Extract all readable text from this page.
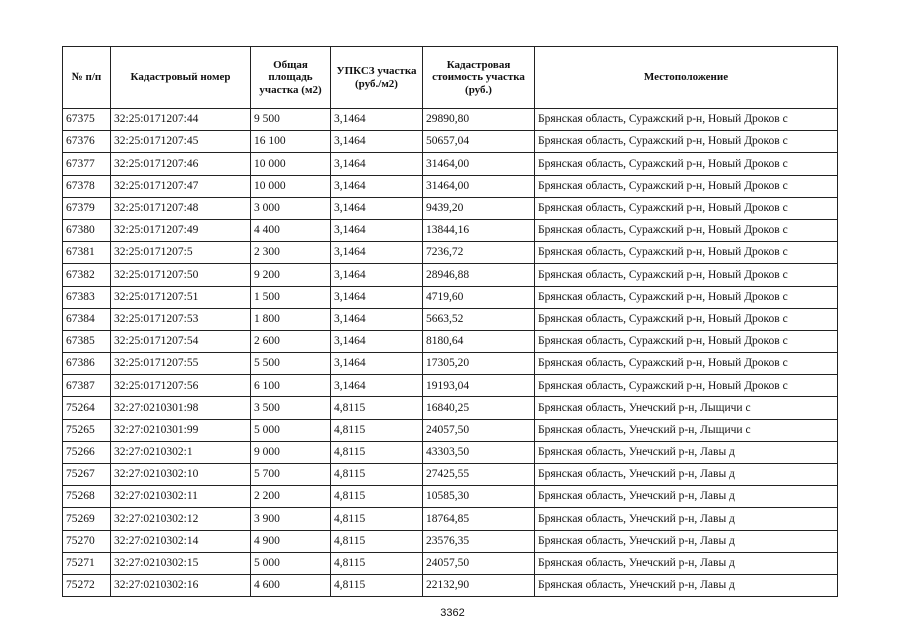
№ п/п	Кадастровый номер	Общая площадь участка (м2)	УПКСЗ участка (руб./м2)	Кадастровая стоимость участка (руб.)	Местоположение
67375	32:25:0171207:44	9 500	3,1464	29890,80	Брянская область, Суражский р-н, Новый Дроков с
67376	32:25:0171207:45	16 100	3,1464	50657,04	Брянская область, Суражский р-н, Новый Дроков с
67377	32:25:0171207:46	10 000	3,1464	31464,00	Брянская область, Суражский р-н, Новый Дроков с
67378	32:25:0171207:47	10 000	3,1464	31464,00	Брянская область, Суражский р-н, Новый Дроков с
67379	32:25:0171207:48	3 000	3,1464	9439,20	Брянская область, Суражский р-н, Новый Дроков с
67380	32:25:0171207:49	4 400	3,1464	13844,16	Брянская область, Суражский р-н, Новый Дроков с
67381	32:25:0171207:5	2 300	3,1464	7236,72	Брянская область, Суражский р-н, Новый Дроков с
67382	32:25:0171207:50	9 200	3,1464	28946,88	Брянская область, Суражский р-н, Новый Дроков с
67383	32:25:0171207:51	1 500	3,1464	4719,60	Брянская область, Суражский р-н, Новый Дроков с
67384	32:25:0171207:53	1 800	3,1464	5663,52	Брянская область, Суражский р-н, Новый Дроков с
67385	32:25:0171207:54	2 600	3,1464	8180,64	Брянская область, Суражский р-н, Новый Дроков с
67386	32:25:0171207:55	5 500	3,1464	17305,20	Брянская область, Суражский р-н, Новый Дроков с
67387	32:25:0171207:56	6 100	3,1464	19193,04	Брянская область, Суражский р-н, Новый Дроков с
75264	32:27:0210301:98	3 500	4,8115	16840,25	Брянская область, Унечский р-н, Лыщичи с
75265	32:27:0210301:99	5 000	4,8115	24057,50	Брянская область, Унечский р-н, Лыщичи с
75266	32:27:0210302:1	9 000	4,8115	43303,50	Брянская область, Унечский р-н, Лавы д
75267	32:27:0210302:10	5 700	4,8115	27425,55	Брянская область, Унечский р-н, Лавы д
75268	32:27:0210302:11	2 200	4,8115	10585,30	Брянская область, Унечский р-н, Лавы д
75269	32:27:0210302:12	3 900	4,8115	18764,85	Брянская область, Унечский р-н, Лавы д
75270	32:27:0210302:14	4 900	4,8115	23576,35	Брянская область, Унечский р-н, Лавы д
75271	32:27:0210302:15	5 000	4,8115	24057,50	Брянская область, Унечский р-н, Лавы д
75272	32:27:0210302:16	4 600	4,8115	22132,90	Брянская область, Унечский р-н, Лавы д
3362
